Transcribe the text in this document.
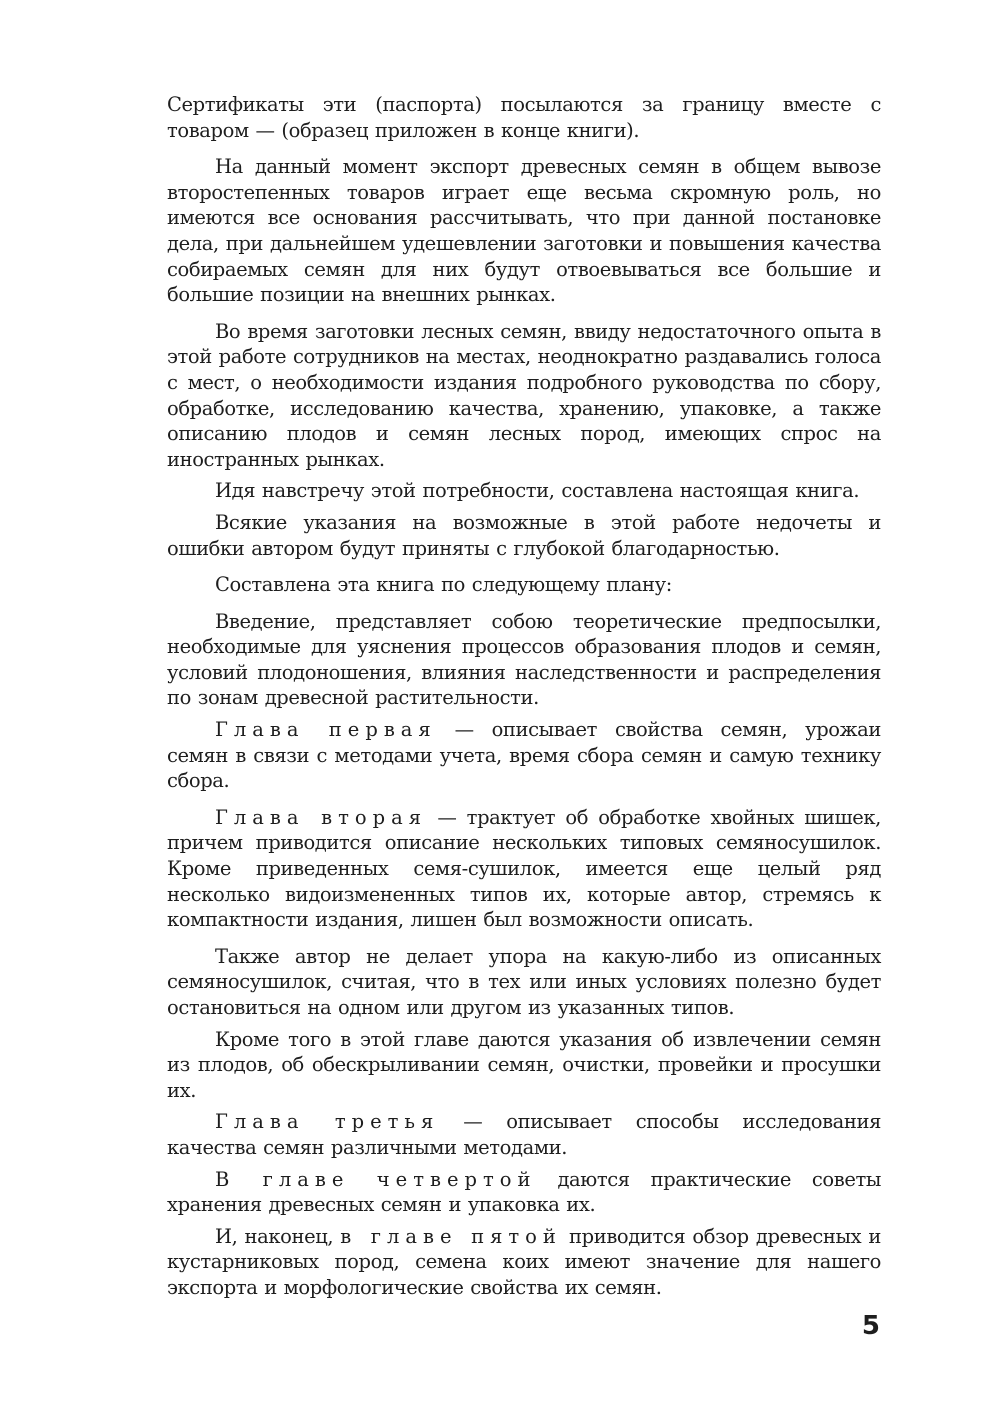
Сертификаты эти (паспорта) посылаются за границу вместе с товаром — (образец приложен в конце книги).

На данный момент экспорт древесных семян в общем вывозе второстепенных товаров играет еще весьма скромную роль, но имеются все основания рассчитывать, что при данной постановке дела, при дальнейшем удешевлении заготовки и повышения качества собираемых семян для них будут отвоевываться все большие и большие позиции на внешних рынках.

Во время заготовки лесных семян, ввиду недостаточного опыта в этой работе сотрудников на местах, неоднократно раздавались голоса с мест, о необходимости издания подробного руководства по сбору, обработке, исследованию качества, хранению, упаковке, а также описанию плодов и семян лесных пород, имеющих спрос на иностранных рынках.

Идя навстречу этой потребности, составлена настоящая книга.

Всякие указания на возможные в этой работе недочеты и ошибки автором будут приняты с глубокой благодарностью.

Составлена эта книга по следующему плану:

Введение, представляет собою теоретические предпосылки, необходимые для уяснения процессов образования плодов и семян, условий плодоношения, влияния наследственности и распределения по зонам древесной растительности.

Глава первая — описывает свойства семян, урожаи семян в связи с методами учета, время сбора семян и самую технику сбора.

Глава вторая — трактует об обработке хвойных шишек, причем приводится описание нескольких типовых семяносушилок. Кроме приведенных семя-сушилок, имеется еще целый ряд несколько видоизмененных типов их, которые автор, стремясь к компактности издания, лишен был возможности описать.

Также автор не делает упора на какую-либо из описанных семяносушилок, считая, что в тех или иных условиях полезно будет остановиться на одном или другом из указанных типов.

Кроме того в этой главе даются указания об извлечении семян из плодов, об обескрыливании семян, очистки, провейки и просушки их.

Глава третья — описывает способы исследования качества семян различными методами.

В главе четвертой даются практические советы хранения древесных семян и упаковка их.

И, наконец, в главе пятой приводится обзор древесных и кустарниковых пород, семена коих имеют значение для нашего экспорта и морфологические свойства их семян.

5
